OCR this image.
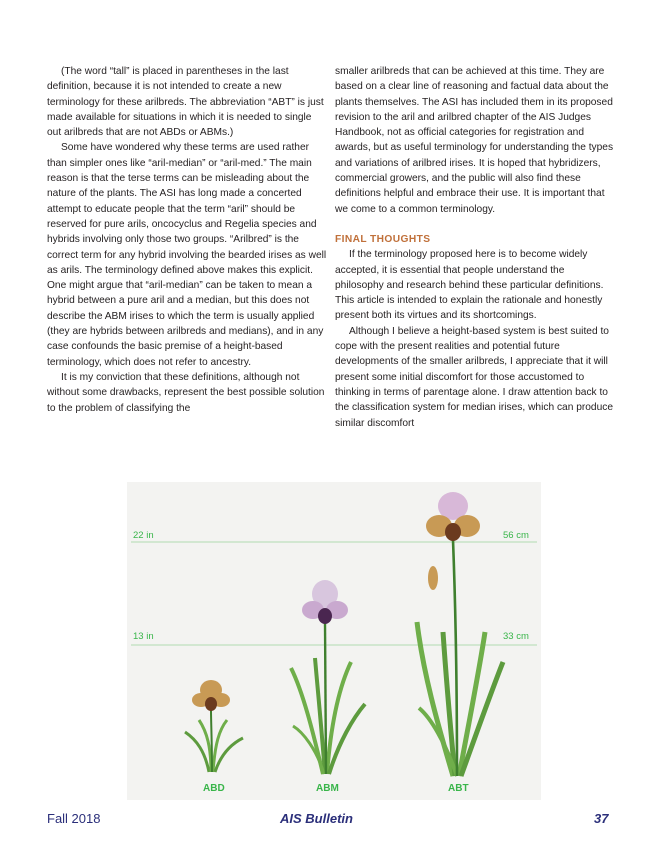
(The word “tall” is placed in parentheses in the last definition, because it is not intended to create a new terminology for these arilbreds. The abbreviation “ABT” is just made available for situations in which it is needed to single out arilbreds that are not ABDs or ABMs.)

Some have wondered why these terms are used rather than simpler ones like “aril-median” or “aril-med.” The main reason is that the terse terms can be misleading about the nature of the plants. The ASI has long made a concerted attempt to educate people that the term “aril” should be reserved for pure arils, oncocyclus and Regelia species and hybrids involving only those two groups. “Arilbred” is the correct term for any hybrid involving the bearded irises as well as arils. The terminology defined above makes this explicit. One might argue that “aril-median” can be taken to mean a hybrid between a pure aril and a median, but this does not describe the ABM irises to which the term is usually applied (they are hybrids between arilbreds and medians), and in any case confounds the basic premise of a height-based terminology, which does not refer to ancestry.

It is my conviction that these definitions, although not without some drawbacks, represent the best possible solution to the problem of classifying the

smaller arilbreds that can be achieved at this time. They are based on a clear line of reasoning and factual data about the plants themselves. The ASI has included them in its proposed revision to the aril and arilbred chapter of the AIS Judges Handbook, not as official categories for registration and awards, but as useful terminology for understanding the types and variations of arilbred irises. It is hoped that hybridizers, commercial growers, and the public will also find these definitions helpful and embrace their use. It is important that we come to a common terminology.

FINAL THOUGHTS

If the terminology proposed here is to become widely accepted, it is essential that people understand the philosophy and research behind these particular definitions. This article is intended to explain the rationale and honestly present both its virtues and its shortcomings.

Although I believe a height-based system is best suited to cope with the present realities and potential future developments of the smaller arilbreds, I appreciate that it will present some initial discomfort for those accustomed to thinking in terms of parentage alone. I draw attention back to the classification system for median irises, which can produce similar discomfort

22 in	56 cm
13 in	33 cm
ABD	ABM	ABT
Fall 2018	AIS Bulletin	37
